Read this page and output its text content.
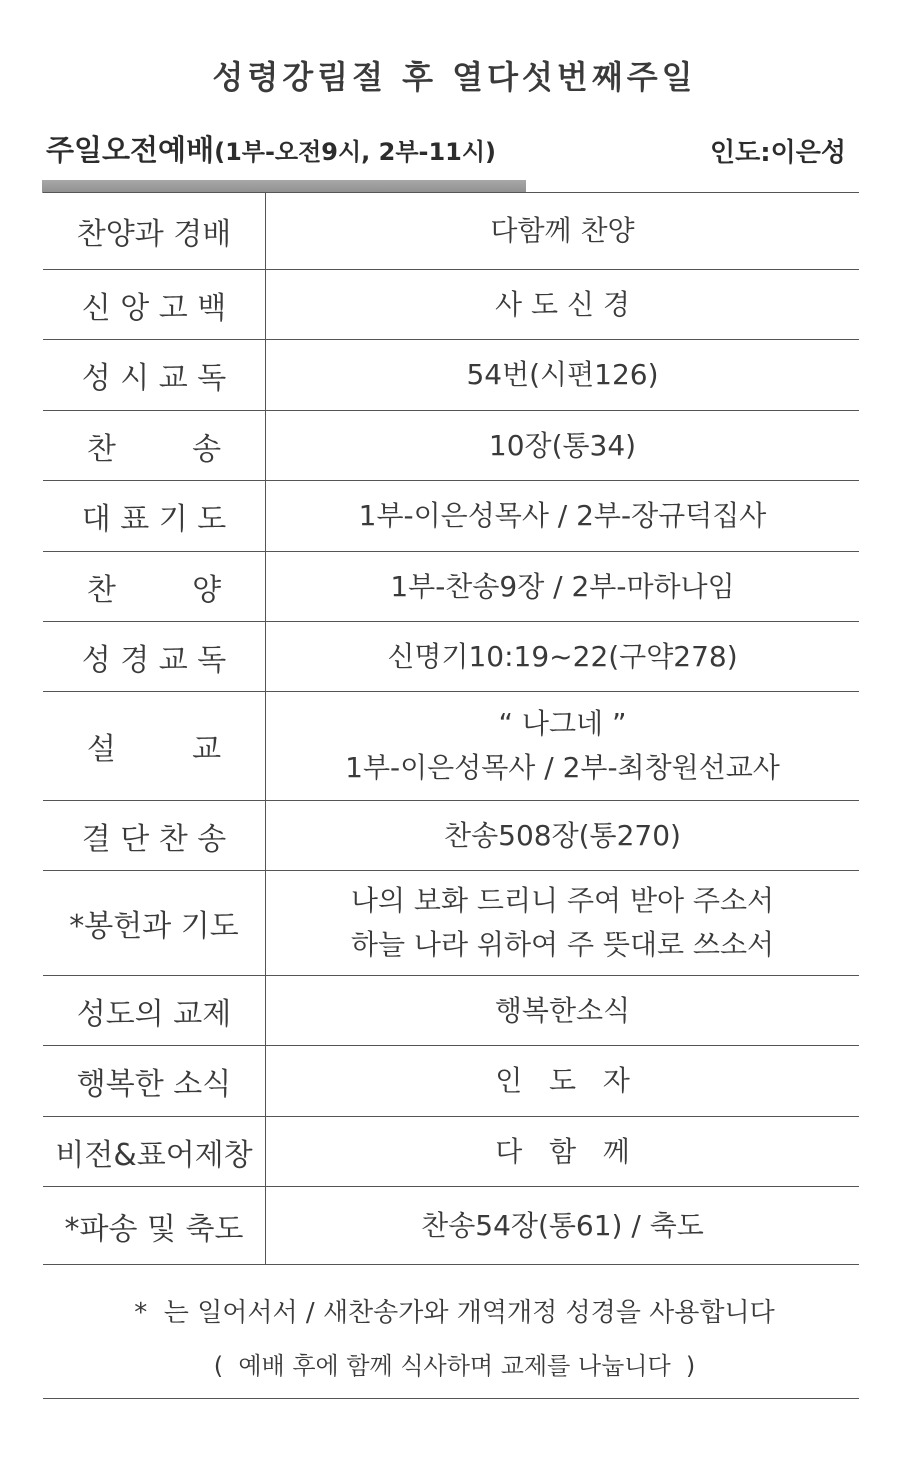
성령강림절 후 열다섯번째주일
주일오전예배(1부-오전9시, 2부-11시)	인도:이은성
찬양과 경배	다함께 찬양
신 앙 고 백	사 도 신 경
성 시 교 독	54번(시편126)
찬        송	10장(통34)
대 표 기 도	1부-이은성목사 / 2부-장규덕집사
찬        양	1부-찬송9장 / 2부-마하나임
성 경 교 독	신명기10:19~22(구약278)
설        교	“ 나그네 ”
1부-이은성목사 / 2부-최창원선교사
결 단 찬 송	찬송508장(통270)
*봉헌과 기도	나의 보화 드리니 주여 받아 주소서
하늘 나라 위하여 주 뜻대로 쓰소서
성도의 교제	행복한소식
행복한 소식	인   도   자
비전&표어제창	다   함   께
*파송 및 축도	찬송54장(통61) / 축도
*  는 일어서서 / 새찬송가와 개역개정 성경을 사용합니다
(  예배 후에 함께 식사하며 교제를 나눕니다  )
